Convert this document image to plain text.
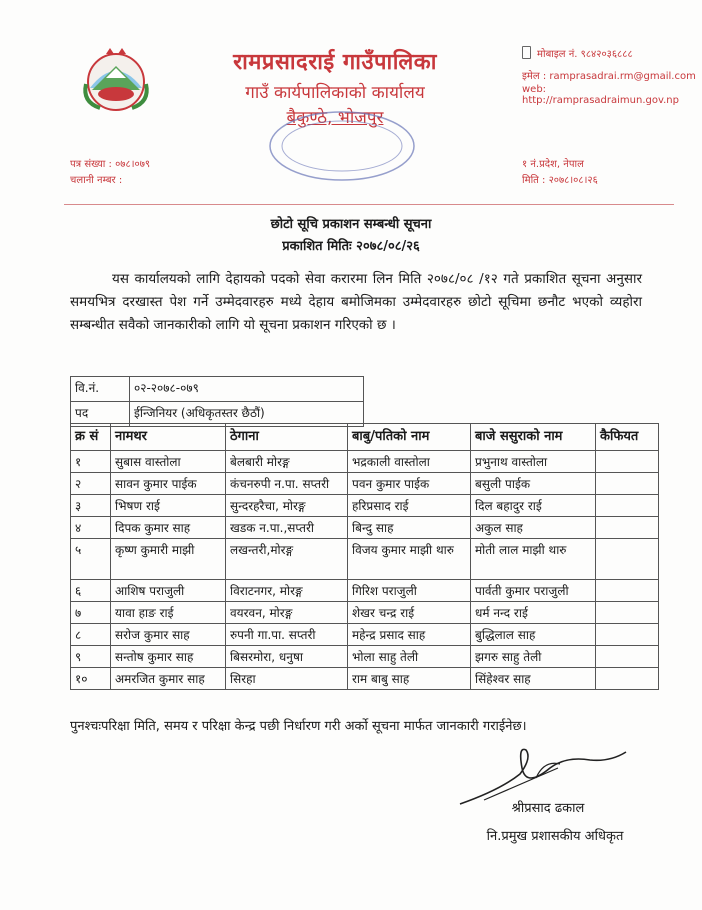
रामप्रसादराई गाउँपालिका
गाउँ कार्यपालिकाको कार्यालय
बैकुण्ठे, भोजपुर
मोबाइल नं. ९८४२०३६८८८
इमेल : ramprasadrai.rm@gmail.com
web: http://ramprasadraimun.gov.np
पत्र संख्या : ०७८।०७९
चलानी नम्बर :
१ नं.प्रदेश, नेपाल
मिति : २०७८।०८।२६
छोटो सूचि प्रकाशन सम्बन्धी सूचना
प्रकाशित मितिः २०७८/०८/२६
यस कार्यालयको लागि देहायको पदको सेवा करारमा लिन मिति २०७८/०८ /१२ गते प्रकाशित सूचना अनुसार समयभित्र दरखास्त पेश गर्ने उम्मेदवारहरु मध्ये देहाय बमोजिमका उम्मेदवारहरु छोटो सूचिमा छनौट भएको व्यहोरा सम्बन्धीत सवैको जानकारीको लागि यो सूचना प्रकाशन गरिएको छ ।
वि.नं.	०२-२०७८-०७९
पद	ईन्जिनियर (अधिकृतस्तर छैठौं)
क्र सं	नामथर	ठेगाना	बाबु/पतिको नाम	बाजे ससुराको नाम	कैफियत
१	सुबास वास्तोला	बेलबारी मोरङ्ग	भद्रकाली वास्तोला	प्रभुनाथ वास्तोला	
२	सावन कुमार पाईक	कंचनरुपी न.पा. सप्तरी	पवन कुमार पाईक	बसुली पाईक	
३	भिषण राई	सुन्दरहरैचा, मोरङ्ग	हरिप्रसाद राई	दिल बहादुर राई	
४	दिपक कुमार साह	खडक न.पा.,सप्तरी	बिन्दु साह	अकुल साह	
५	कृष्ण कुमारी माझी	लखन्तरी,मोरङ्ग	विजय कुमार माझी थारु	मोती लाल माझी थारु	
६	आशिष पराजुली	विराटनगर, मोरङ्ग	गिरिश पराजुली	पार्वती कुमार पराजुली	
७	यावा हाङ राई	वयरवन, मोरङ्ग	शेखर चन्द्र राई	धर्म नन्द राई	
८	सरोज कुमार साह	रुपनी गा.पा. सप्तरी	महेन्द्र प्रसाद साह	बुद्धिलाल साह	
९	सन्तोष कुमार साह	बिसरमोरा, धनुषा	भोला साहु तेली	झगरु साहु तेली	
१०	अमरजित कुमार साह	सिरहा	राम बाबु साह	सिंहेश्वर साह	
पुनश्चःपरिक्षा मिति, समय र परिक्षा केन्द्र पछी निर्धारण गरी अर्को सूचना मार्फत जानकारी गराईनेछ।
श्रीप्रसाद ढकाल
नि.प्रमुख प्रशासकीय अधिकृत
